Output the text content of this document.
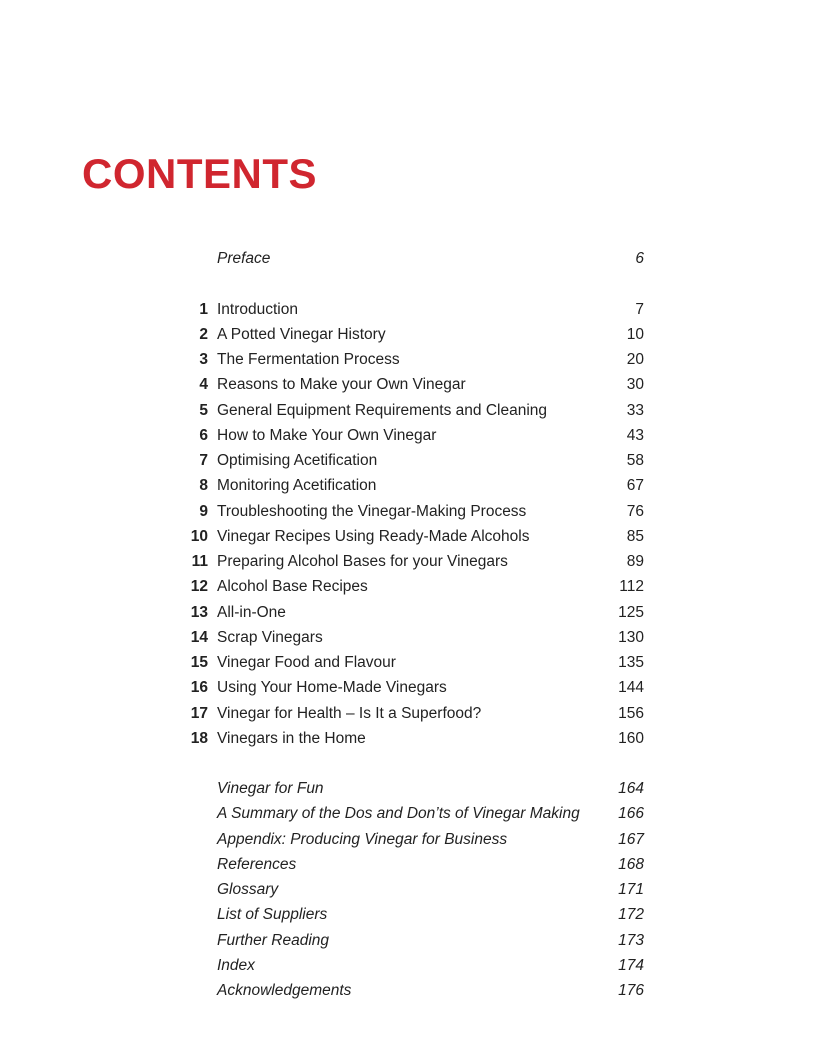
CONTENTS
Preface	6
1 Introduction	7
2 A Potted Vinegar History	10
3 The Fermentation Process	20
4 Reasons to Make your Own Vinegar	30
5 General Equipment Requirements and Cleaning	33
6 How to Make Your Own Vinegar	43
7 Optimising Acetification	58
8 Monitoring Acetification	67
9 Troubleshooting the Vinegar-Making Process	76
10 Vinegar Recipes Using Ready-Made Alcohols	85
11 Preparing Alcohol Bases for your Vinegars	89
12 Alcohol Base Recipes	112
13 All-in-One	125
14 Scrap Vinegars	130
15 Vinegar Food and Flavour	135
16 Using Your Home-Made Vinegars	144
17 Vinegar for Health – Is It a Superfood?	156
18 Vinegars in the Home	160
Vinegar for Fun	164
A Summary of the Dos and Don’ts of Vinegar Making 166
Appendix: Producing Vinegar for Business	167
References	168
Glossary	171
List of Suppliers	172
Further Reading	173
Index	174
Acknowledgements	176
